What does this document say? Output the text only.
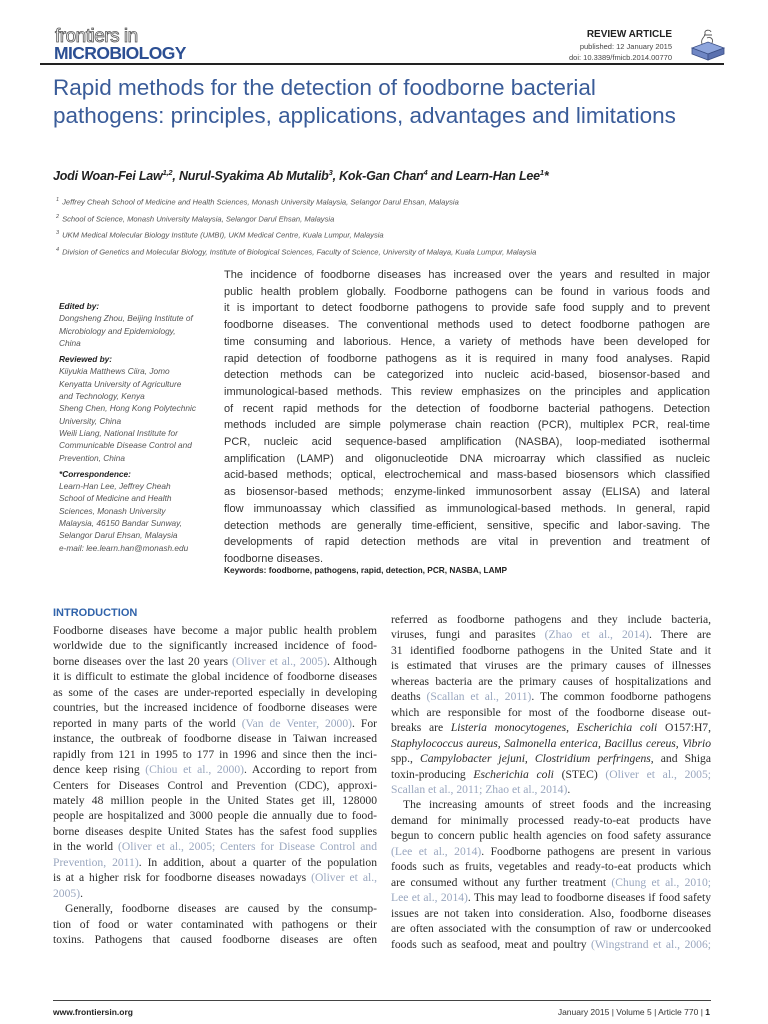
frontiers in
MICROBIOLOGY
REVIEW ARTICLE
published: 12 January 2015
doi: 10.3389/fmicb.2014.00770
Rapid methods for the detection of foodborne bacterial pathogens: principles, applications, advantages and limitations
Jodi Woan-Fei Law$^{1,2}$, Nurul-Syakima Ab Mutalib$^3$, Kok-Gan Chan$^4$ and Learn-Han Lee$^1$*
$^1$ Jeffrey Cheah School of Medicine and Health Sciences, Monash University Malaysia, Selangor Darul Ehsan, Malaysia
$^2$ School of Science, Monash University Malaysia, Selangor Darul Ehsan, Malaysia
$^3$ UKM Medical Molecular Biology Institute (UMBI), UKM Medical Centre, Kuala Lumpur, Malaysia
$^4$ Division of Genetics and Molecular Biology, Institute of Biological Sciences, Faculty of Science, University of Malaya, Kuala Lumpur, Malaysia
Edited by:
Dongsheng Zhou, Beijing Institute of
Microbiology and Epidemiology,
China
Reviewed by:
Kiiyukia Matthews Ciira, Jomo
Kenyatta University of Agriculture
and Technology, Kenya
Sheng Chen, Hong Kong Polytechnic
University, China
Weili Liang, National Institute for
Communicable Disease Control and
Prevention, China
*Correspondence:
Learn-Han Lee, Jeffrey Cheah
School of Medicine and Health
Sciences, Monash University
Malaysia, 46150 Bandar Sunway,
Selangor Darul Ehsan, Malaysia
e-mail: lee.learn.han@monash.edu
The incidence of foodborne diseases has increased over the years and resulted in major
public health problem globally. Foodborne pathogens can be found in various foods and
it is important to detect foodborne pathogens to provide safe food supply and to prevent
foodborne diseases. The conventional methods used to detect foodborne pathogen are
time consuming and laborious. Hence, a variety of methods have been developed for
rapid detection of foodborne pathogens as it is required in many food analyses. Rapid
detection methods can be categorized into nucleic acid-based, biosensor-based and
immunological-based methods. This review emphasizes on the principles and application
of recent rapid methods for the detection of foodborne bacterial pathogens. Detection
methods included are simple polymerase chain reaction (PCR), multiplex PCR, real-time
PCR, nucleic acid sequence-based amplification (NASBA), loop-mediated isothermal
amplification (LAMP) and oligonucleotide DNA microarray which classified as nucleic
acid-based methods; optical, electrochemical and mass-based biosensors which classified
as biosensor-based methods; enzyme-linked immunosorbent assay (ELISA) and lateral
flow immunoassay which classified as immunological-based methods. In general, rapid
detection methods are generally time-efficient, sensitive, specific and labor-saving. The
developments of rapid detection methods are vital in prevention and treatment of
foodborne diseases.
Keywords: foodborne, pathogens, rapid, detection, PCR, NASBA, LAMP
INTRODUCTION
Foodborne diseases have become a major public health problem
worldwide due to the significantly increased incidence of food-
borne diseases over the last 20 years (Oliver et al., 2005). Although
it is difficult to estimate the global incidence of foodborne diseases
as some of the cases are under-reported especially in developing
countries, but the increased incidence of foodborne diseases were
reported in many parts of the world (Van de Venter, 2000). For
instance, the outbreak of foodborne disease in Taiwan increased
rapidly from 121 in 1995 to 177 in 1996 and since then the inci-
dence keep rising (Chiou et al., 2000). According to report from
Centers for Diseases Control and Prevention (CDC), approxi-
mately 48 million people in the United States get ill, 128000
people are hospitalized and 3000 people die annually due to food-
borne diseases despite United States has the safest food supplies
in the world (Oliver et al., 2005; Centers for Disease Control and
Prevention, 2011). In addition, about a quarter of the population
is at a higher risk for foodborne diseases nowadays (Oliver et al.,
2005).
Generally, foodborne diseases are caused by the consump-
tion of food or water contaminated with pathogens or their
toxins. Pathogens that caused foodborne diseases are often
referred as foodborne pathogens and they include bacteria,
viruses, fungi and parasites (Zhao et al., 2014). There are
31 identified foodborne pathogens in the United State and it
is estimated that viruses are the primary causes of illnesses
whereas bacteria are the primary causes of hospitalizations and
deaths (Scallan et al., 2011). The common foodborne pathogens
which are responsible for most of the foodborne disease out-
breaks are Listeria monocytogenes, Escherichia coli O157:H7,
Staphylococcus aureus, Salmonella enterica, Bacillus cereus, Vibrio
spp., Campylobacter jejuni, Clostridium perfringens, and Shiga
toxin-producing Escherichia coli (STEC) (Oliver et al., 2005;
Scallan et al., 2011; Zhao et al., 2014).
The increasing amounts of street foods and the increasing
demand for minimally processed ready-to-eat products have
begun to concern public health agencies on food safety assurance
(Lee et al., 2014). Foodborne pathogens are present in various
foods such as fruits, vegetables and ready-to-eat products which
are consumed without any further treatment (Chung et al., 2010;
Lee et al., 2014). This may lead to foodborne diseases if food safety
issues are not taken into consideration. Also, foodborne diseases
are often associated with the consumption of raw or undercooked
foods such as seafood, meat and poultry (Wingstrand et al., 2006;
www.frontiersin.org	January 2015 | Volume 5 | Article 770 | 1
